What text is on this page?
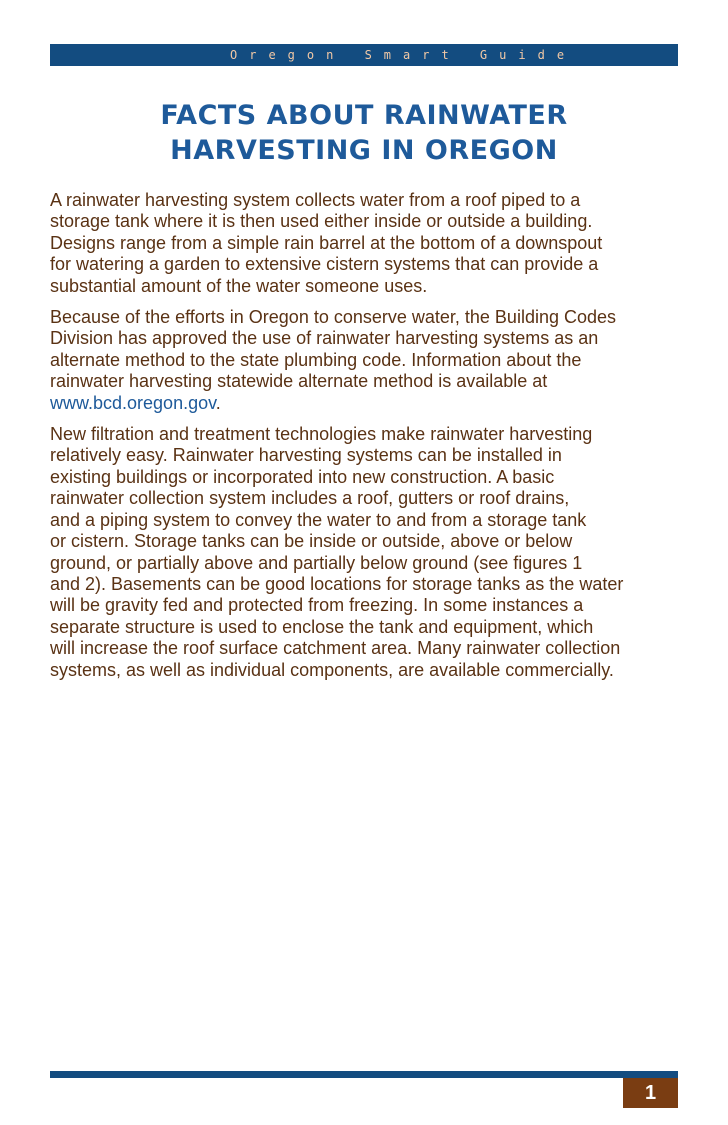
Oregon Smart Guide
FACTS ABOUT RAINWATER
HARVESTING IN OREGON

A rainwater harvesting system collects water from a roof piped to a
storage tank where it is then used either inside or outside a building.
Designs range from a simple rain barrel at the bottom of a downspout
for watering a garden to extensive cistern systems that can provide a
substantial amount of the water someone uses.

Because of the efforts in Oregon to conserve water, the Building Codes
Division has approved the use of rainwater harvesting systems as an
alternate method to the state plumbing code. Information about the
rainwater harvesting statewide alternate method is available at
www.bcd.oregon.gov.

New filtration and treatment technologies make rainwater harvesting
relatively easy. Rainwater harvesting systems can be installed in
existing buildings or incorporated into new construction. A basic
rainwater collection system includes a roof, gutters or roof drains,
and a piping system to convey the water to and from a storage tank
or cistern. Storage tanks can be inside or outside, above or below
ground, or partially above and partially below ground (see figures 1
and 2). Basements can be good locations for storage tanks as the water
will be gravity fed and protected from freezing. In some instances a
separate structure is used to enclose the tank and equipment, which
will increase the roof surface catchment area. Many rainwater collection
systems, as well as individual components, are available commercially.

1
